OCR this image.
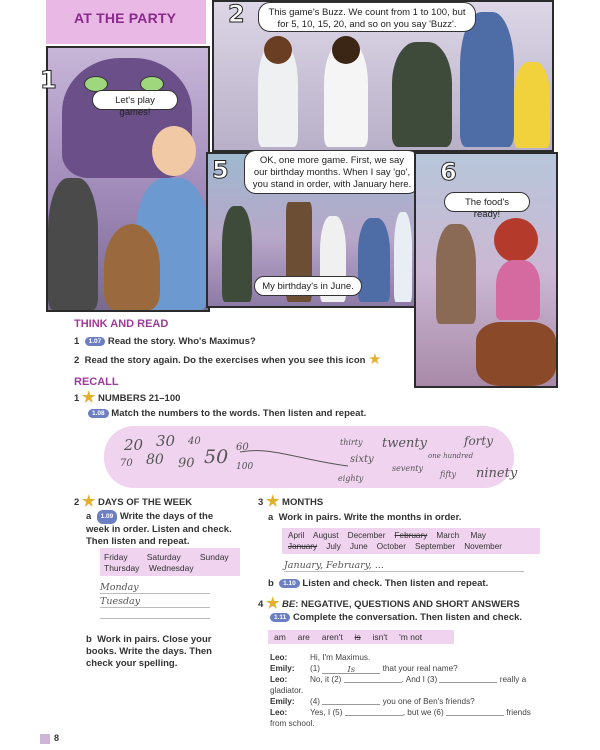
AT THE PARTY
1
Let's play games!
2	This game's Buzz. We count from 1 to 100, but for 5, 10, 15, 20, and so on you say 'Buzz'.
5	OK, one more game. First, we say our birthday months. When I say 'go', you stand in order, with January here.
My birthday's in June.
6
The food's ready!
THINK AND READ
1 1.07 Read the story. Who's Maximus?
2 Read the story again. Do the exercises when you see this icon ★
RECALL
1 ★ NUMBERS 21–100
1.08 Match the numbers to the words. Then listen and repeat.
20 30 40
60
70 80 90 50 100
thirty twenty	forty
sixty	one hundred
seventy
fifty ninety
eighty
2 ★ DAYS OF THE WEEK
a 1.09 Write the days of the week in order. Listen and check. Then listen and repeat.
Friday Saturday Sunday
Thursday Wednesday
Monday
Tuesday
b Work in pairs. Close your books. Write the days. Then check your spelling.
3 ★ MONTHS
a Work in pairs. Write the months in order.
April August December February March May
January July June October September November
January, February, ...
b 1.10 Listen and check. Then listen and repeat.
4 ★ BE: NEGATIVE, QUESTIONS AND SHORT ANSWERS
1.11 Complete the conversation. Then listen and check.
am are aren't is isn't 'm not
Leo:	Hi, I'm Maximus.
Emily: (1)	Is	that your real name?
Leo:	No, it (2)	. And I (3)	really a gladiator.
Emily: (4)	you one of Ben's friends?
Leo:	Yes, I (5)	, but we (6)	friends from school.
8
